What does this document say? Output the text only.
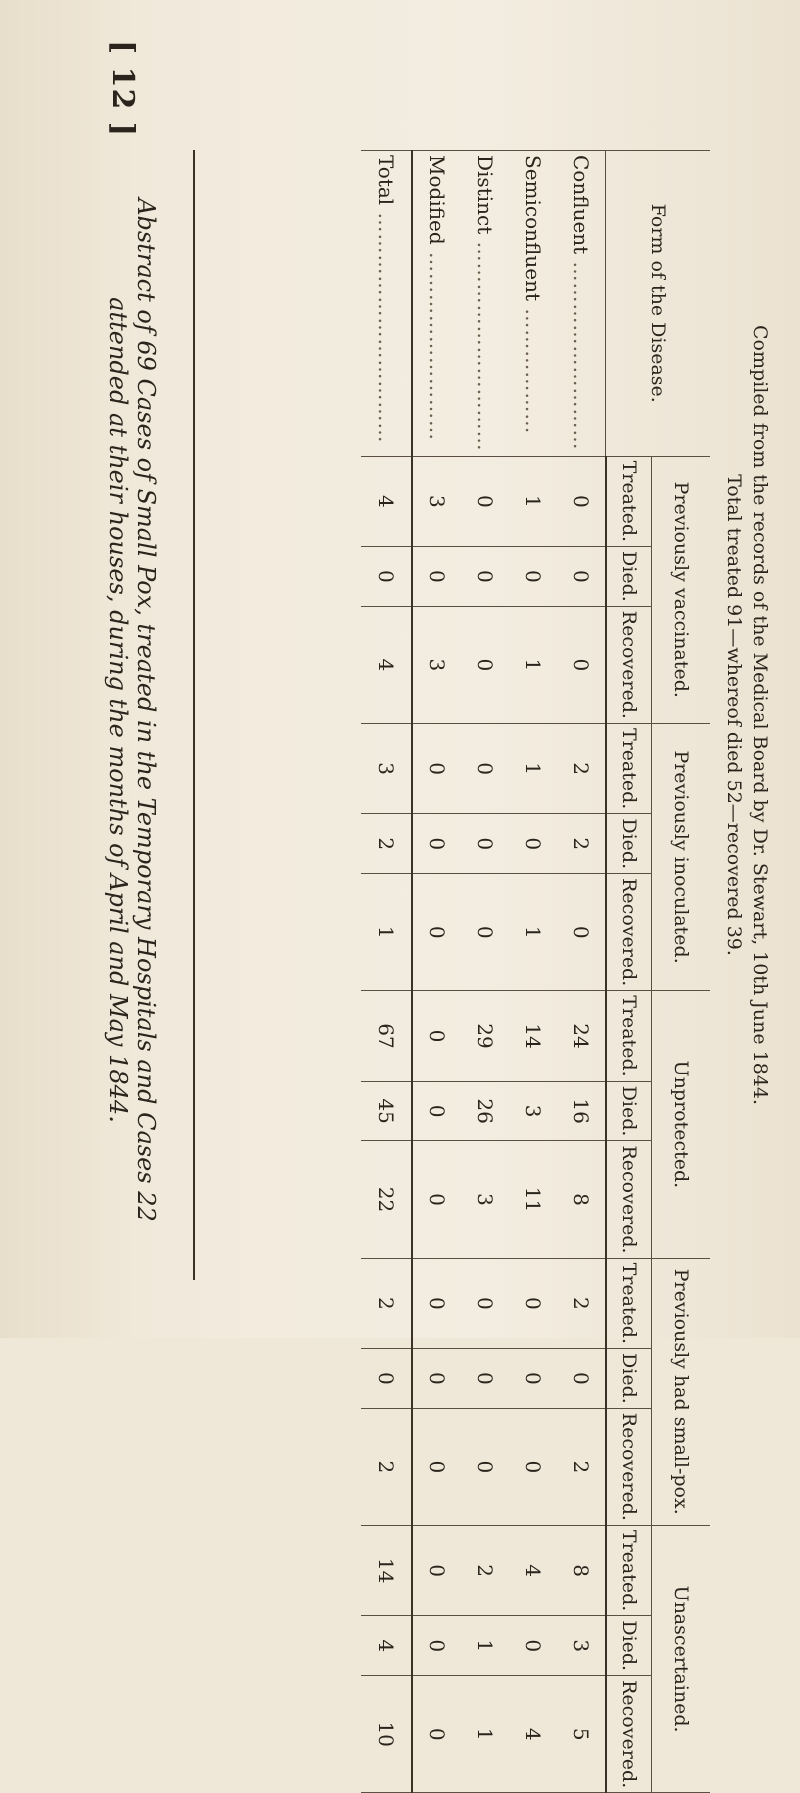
Compiled from the records of the Medical Board by Dr. Stewart, 10th June 1844.
Total treated 91—whereof died 52—recovered 39.
Form of the Disease.	Previously vaccinated.			Previously inoculated.			Unprotected.			Previously had small-pox.			Unascertained.		
	Treated.	Died.	Recovered.	Treated.	Died.	Recovered.	Treated.	Died.	Recovered.	Treated.	Died.	Recovered.	Treated.	Died.	Recovered.
Confluent ………………………	0	0	0	2	2	0	24	16	8	2	0	2	8	3	5
Semiconfluent ………………	1	0	1	1	0	1	14	3	11	0	0	0	4	0	4
Distinct …………………………	0	0	0	0	0	0	29	26	3	0	0	0	2	1	1
Modified ………………………	3	0	3	0	0	0	0	0	0	0	0	0	0	0	0
Total ……………………………	4	0	4	3	2	1	67	45	22	2	0	2	14	4	10
Abstract of 69 Cases of Small Pox, treated in the Temporary Hospitals and Cases 22 attended at their houses, during the months of April and May 1844.
[ 12 ]
